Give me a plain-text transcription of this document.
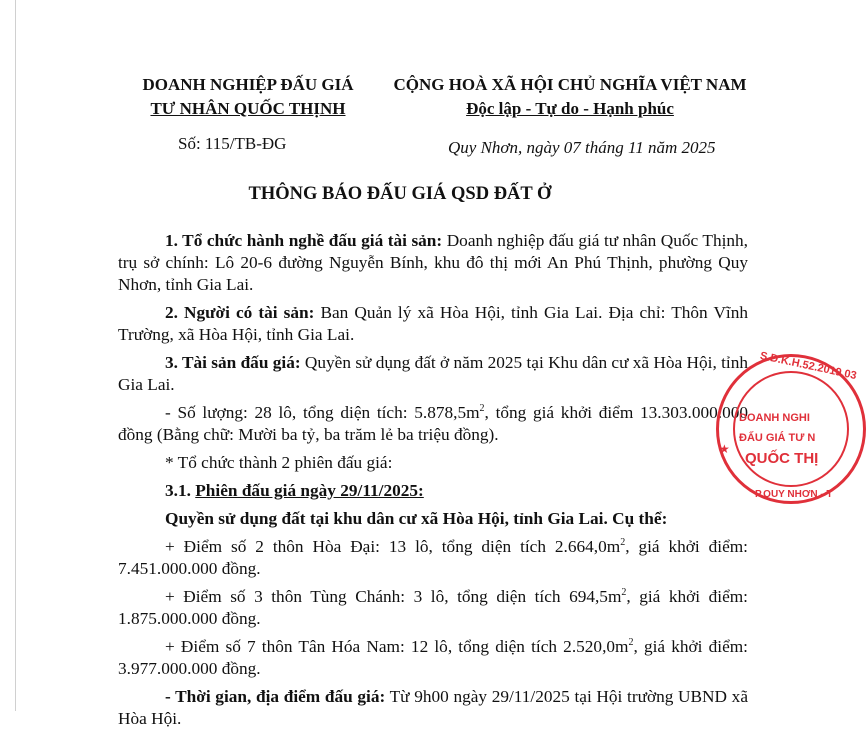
DOANH NGHIỆP ĐẤU GIÁ
TƯ NHÂN QUỐC THỊNH
CỘNG HOÀ XÃ HỘI CHỦ NGHĨA VIỆT NAM
Độc lập - Tự do - Hạnh phúc
Số: 115/TB-ĐG	Quy Nhơn, ngày 07 tháng 11 năm 2025
THÔNG BÁO ĐẤU GIÁ QSD ĐẤT Ở

1. Tổ chức hành nghề đấu giá tài sản: Doanh nghiệp đấu giá tư nhân Quốc Thịnh, trụ sở chính: Lô 20-6 đường Nguyễn Bính, khu đô thị mới An Phú Thịnh, phường Quy Nhơn, tỉnh Gia Lai.

2. Người có tài sản: Ban Quản lý xã Hòa Hội, tỉnh Gia Lai. Địa chỉ: Thôn Vĩnh Trường, xã Hòa Hội, tỉnh Gia Lai.

3. Tài sản đấu giá: Quyền sử dụng đất ở năm 2025 tại Khu dân cư xã Hòa Hội, tỉnh Gia Lai.

- Số lượng: 28 lô, tổng diện tích: $5.878,5m^2$, tổng giá khởi điểm 13.303.000.000 đồng (Bằng chữ: Mười ba tỷ, ba trăm lẻ ba triệu đồng).

* Tổ chức thành 2 phiên đấu giá:

3.1. Phiên đấu giá ngày 29/11/2025:

Quyền sử dụng đất tại khu dân cư xã Hòa Hội, tỉnh Gia Lai. Cụ thể:

+ Điểm số 2 thôn Hòa Đại: 13 lô, tổng diện tích $2.664,0m^2$, giá khởi điểm: 7.451.000.000 đồng.

+ Điểm số 3 thôn Tùng Chánh: 3 lô, tổng diện tích $694,5m^2$, giá khởi điểm: 1.875.000.000 đồng.

+ Điểm số 7 thôn Tân Hóa Nam: 12 lô, tổng diện tích $2.520,0m^2$, giá khởi điểm: 3.977.000.000 đồng.

- Thời gian, địa điểm đấu giá: Từ 9h00 ngày 29/11/2025 tại Hội trường UBND xã Hòa Hội.

S.Đ.K.H.52.2019.03
★
DOANH NGHI
ĐẤU GIÁ TƯ N
QUỐC THỊ
P.QUY NHƠN - T
